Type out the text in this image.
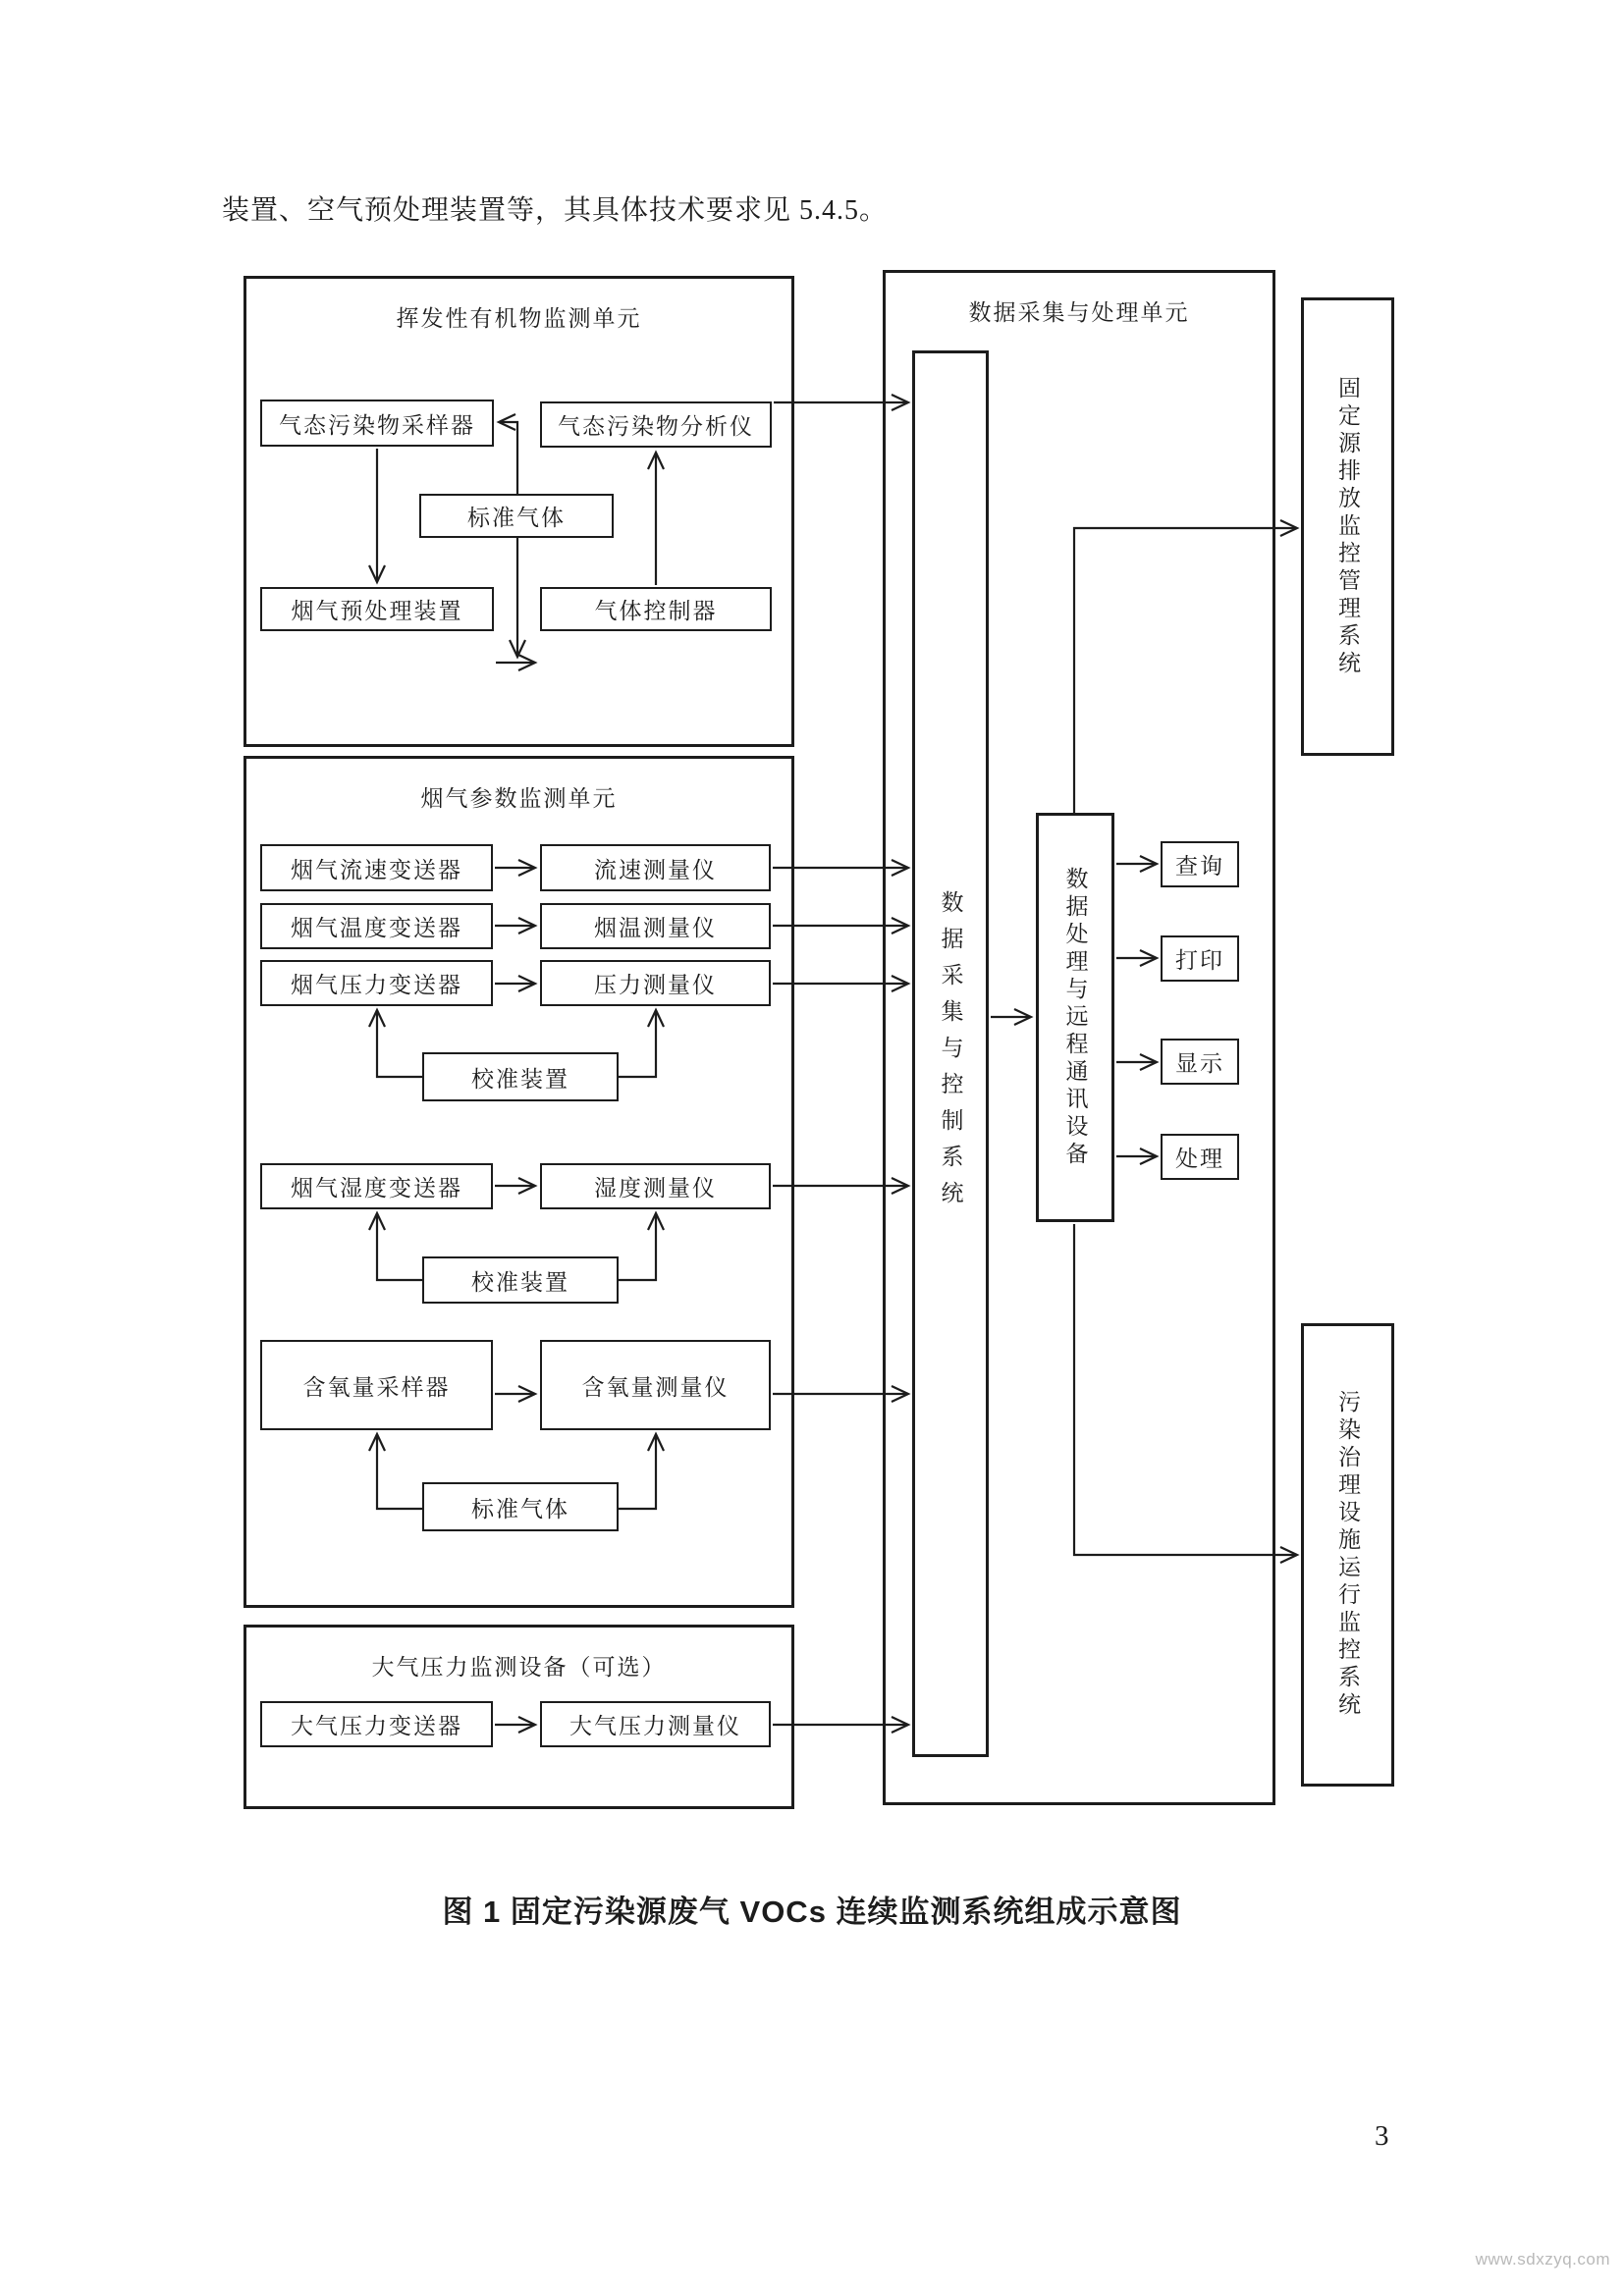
装置、空气预处理装置等，其具体技术要求见 5.4.5。

挥发性有机物监测单元
气态污染物采样器	气态污染物分析仪
标准气体
烟气预处理装置	气体控制器
烟气参数监测单元
烟气流速变送器	流速测量仪
烟气温度变送器	烟温测量仪
烟气压力变送器	压力测量仪
校准装置
烟气湿度变送器	湿度测量仪
校准装置
含氧量采样器	含氧量测量仪
标准气体
大气压力监测设备（可选）
大气压力变送器	大气压力测量仪
数据采集与处理单元
数据采集与控制系统	数据处理与远程通讯设备	查询
打印
显示
处理
固定源排放监控管理系统
污染治理设施运行监控系统

图 1 固定污染源废气 VOCs 连续监测系统组成示意图

3
www.sdxzyq.com
